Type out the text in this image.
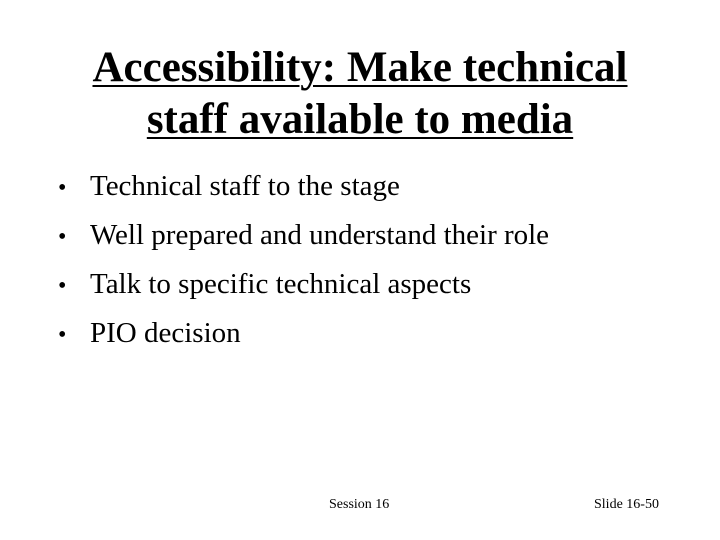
Accessibility: Make technical
staff available to media
• Technical staff to the stage
• Well prepared and understand their role
• Talk to specific technical aspects
• PIO decision
Session 16	Slide 16-50
